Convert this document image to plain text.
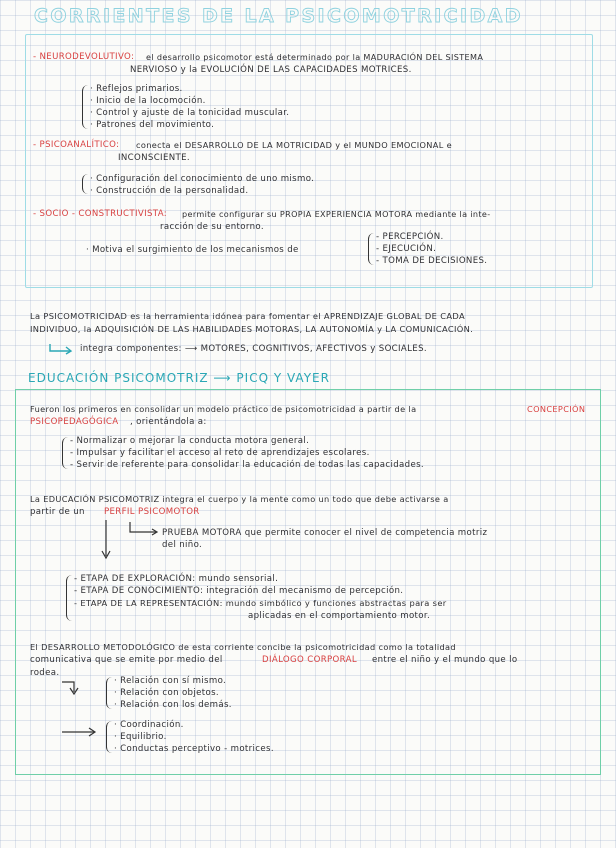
CORRIENTES DE LA PSICOMOTRICIDAD
- NEURODEVOLUTIVO: el desarrollo psicomotor está determinado por la MADURACIÓN DEL SISTEMA
NERVIOSO y la EVOLUCIÓN DE LAS CAPACIDADES MOTRICES.
· Reflejos primarios.
· Inicio de la locomoción.
· Control y ajuste de la tonicidad muscular.
· Patrones del movimiento.
- PSICOANALÍTICO: conecta el DESARROLLO DE LA MOTRICIDAD y el MUNDO EMOCIONAL e
INCONSCIENTE.
· Configuración del conocimiento de uno mismo.
· Construcción de la personalidad.
- SOCIO - CONSTRUCTIVISTA: permite configurar su PROPIA EXPERIENCIA MOTORA mediante la inte-
racción de su entorno.
· Motiva el surgimiento de los mecanismos de
- PERCEPCIÓN.
- EJECUCIÓN.
- TOMA DE DECISIONES.
La PSICOMOTRICIDAD es la herramienta idónea para fomentar el APRENDIZAJE GLOBAL DE CADA
INDIVIDUO, la ADQUISICIÓN DE LAS HABILIDADES MOTORAS, LA AUTONOMÍA y LA COMUNICACIÓN.
integra componentes: ⟶ MOTORES, COGNITIVOS, AFECTIVOS y SOCIALES.
EDUCACIÓN PSICOMOTRIZ ⟶ PICQ Y VAYER
Fueron los primeros en consolidar un modelo práctico de psicomotricidad a partir de la	CONCEPCIÓN
PSICOPEDAGÓGICA , orientándola a:
- Normalizar o mejorar la conducta motora general.
- Impulsar y facilitar el acceso al reto de aprendizajes escolares.
- Servir de referente para consolidar la educación de todas las capacidades.
La EDUCACIÓN PSICOMOTRIZ integra el cuerpo y la mente como un todo que debe activarse a
partir de un PERFIL PSICOMOTOR
PRUEBA MOTORA que permite conocer el nivel de competencia motriz
del niño.
- ETAPA DE EXPLORACIÓN: mundo sensorial.
- ETAPA DE CONOCIMIENTO: integración del mecanismo de percepción.
- ETAPA DE LA REPRESENTACIÓN: mundo simbólico y funciones abstractas para ser
aplicadas en el comportamiento motor.
El DESARROLLO METODOLÓGICO de esta corriente concibe la psicomotricidad como la totalidad
comunicativa que se emite por medio del	DIÁLOGO CORPORAL entre el niño y el mundo que lo
rodea.
· Relación con sí mismo.
· Relación con objetos.
· Relación con los demás.
· Coordinación.
· Equilibrio.
· Conductas perceptivo - motrices.
